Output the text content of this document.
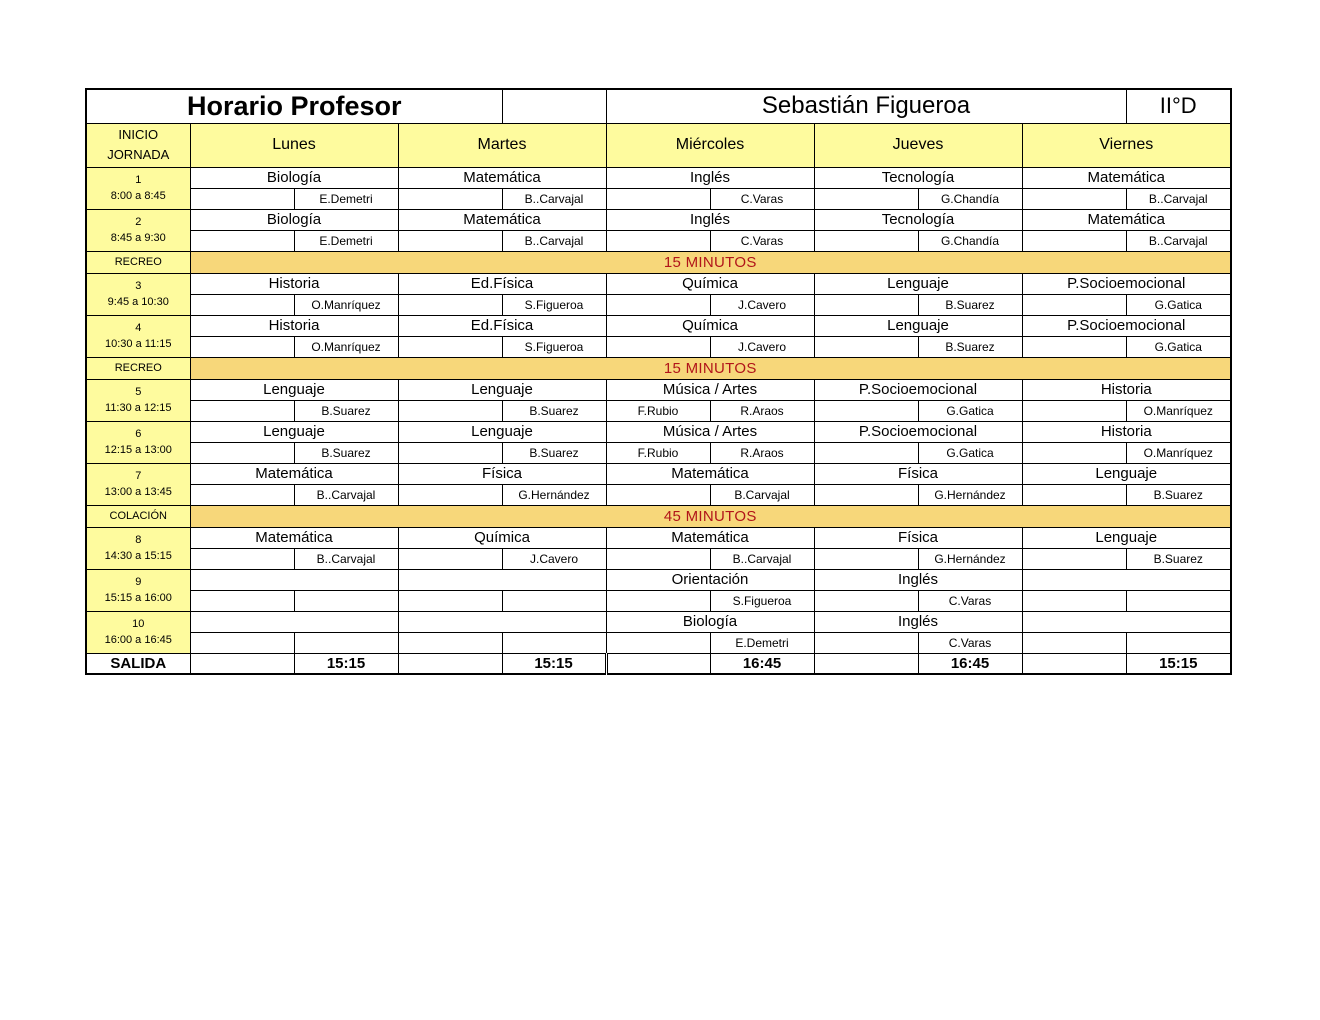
Horario Profesor					Sebastián Figueroa					II°D
INICIO
JORNADA	Lunes		Martes		Miércoles		Jueves		Viernes	
1
8:00 a 8:45	Biología		Matemática		Inglés		Tecnología		Matemática	
		E.Demetri		B..Carvajal		C.Varas		G.Chandía		B..Carvajal
2
8:45 a 9:30	Biología		Matemática		Inglés		Tecnología		Matemática	
		E.Demetri		B..Carvajal		C.Varas		G.Chandía		B..Carvajal
RECREO	15 MINUTOS									
3
9:45 a 10:30	Historia		Ed.Física		Química		Lenguaje		P.Socioemocional	
		O.Manríquez		S.Figueroa		J.Cavero		B.Suarez		G.Gatica
4
10:30 a 11:15	Historia		Ed.Física		Química		Lenguaje		P.Socioemocional	
		O.Manríquez		S.Figueroa		J.Cavero		B.Suarez		G.Gatica
RECREO	15 MINUTOS									
5
11:30 a 12:15	Lenguaje		Lenguaje		Música / Artes		P.Socioemocional		Historia	
		B.Suarez		B.Suarez	F.Rubio	R.Araos		G.Gatica		O.Manríquez
6
12:15 a 13:00	Lenguaje		Lenguaje		Música / Artes		P.Socioemocional		Historia	
		B.Suarez		B.Suarez	F.Rubio	R.Araos		G.Gatica		O.Manríquez
7
13:00 a 13:45	Matemática		Física		Matemática		Física		Lenguaje	
		B..Carvajal		G.Hernández		B.Carvajal		G.Hernández		B.Suarez
COLACIÓN	45 MINUTOS									
8
14:30 a 15:15	Matemática		Química		Matemática		Física		Lenguaje	
		B..Carvajal		J.Cavero		B..Carvajal		G.Hernández		B.Suarez
9
15:15 a 16:00					Orientación		Inglés			
						S.Figueroa		C.Varas		
10
16:00 a 16:45					Biología		Inglés			
						E.Demetri		C.Varas		
SALIDA		15:15		15:15		16:45		16:45		15:15
